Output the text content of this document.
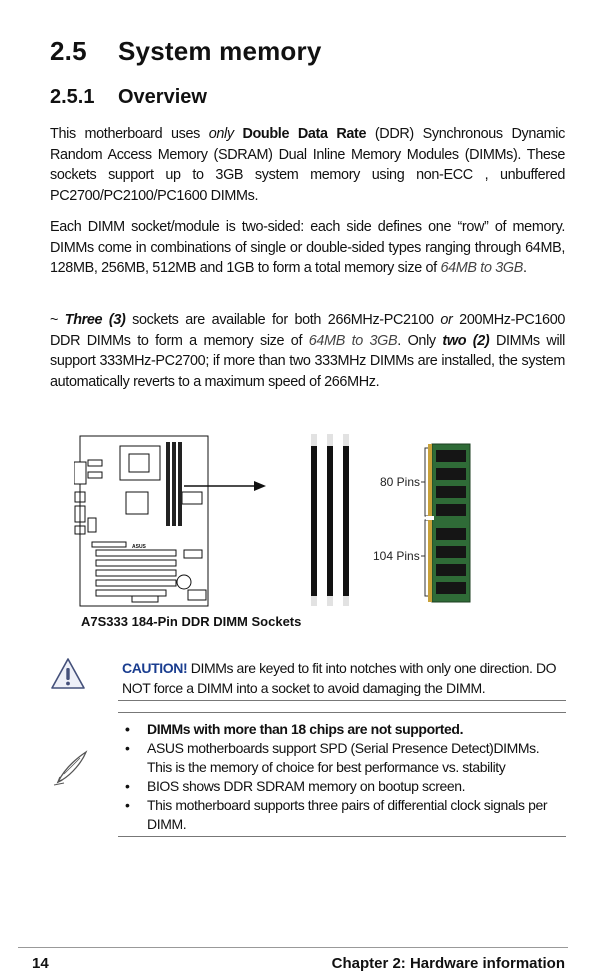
2.5 System memory
2.5.1 Overview

This motherboard uses only Double Data Rate (DDR) Synchronous Dynamic Random Access Memory (SDRAM) Dual Inline Memory Modules (DIMMs). These sockets support up to 3GB system memory using non-ECC , unbuffered PC2700/PC2100/PC1600 DIMMs.

Each DIMM socket/module is two-sided: each side defines one “row” of memory. DIMMs come in combinations of single or double-sided types ranging through 64MB, 128MB, 256MB, 512MB and 1GB to form a total memory size of 64MB to 3GB.

~ Three (3) sockets are available for both 266MHz-PC2100 or 200MHz-PC1600 DDR DIMMs to form a memory size of 64MB to 3GB. Only two (2) DIMMs will support 333MHz-PC2700; if more than two 333MHz DIMMs are installed, the system automatically reverts to a maximum speed of 266MHz.

ASUS
80 Pins
104 Pins
A7S333 184-Pin DDR DIMM Sockets

CAUTION! DIMMs are keyed to fit into notches with only one direction. DO NOT force a DIMM into a socket to avoid damaging the DIMM.

• DIMMs with more than 18 chips are not supported.
• ASUS motherboards support SPD (Serial Presence Detect)DIMMs. This is the memory of choice for best performance vs. stability
• BIOS shows DDR SDRAM memory on bootup screen.
• This motherboard supports three pairs of differential clock signals per DIMM.
14	Chapter 2: Hardware information
